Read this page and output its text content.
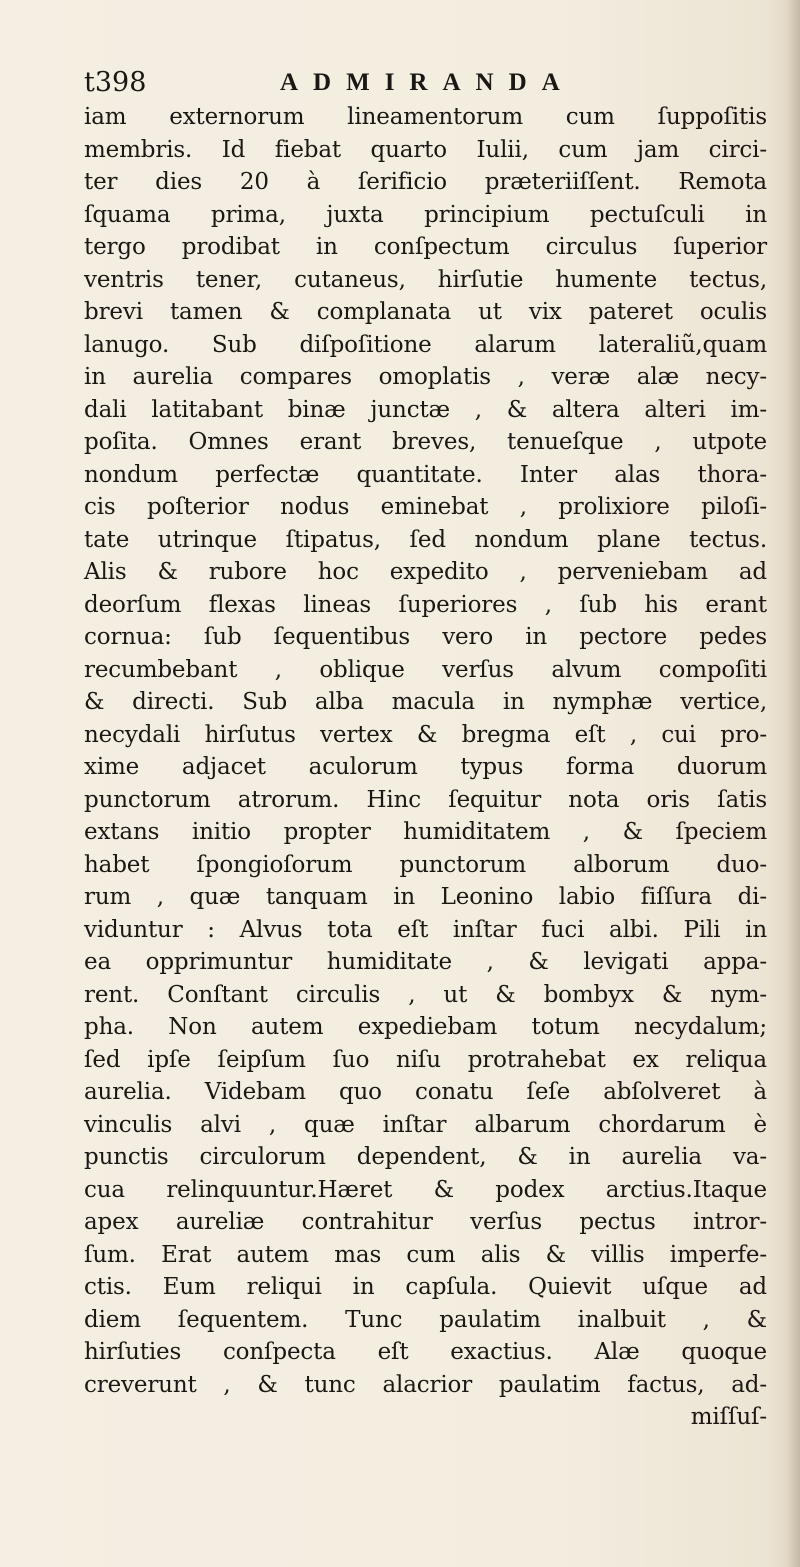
t398	ADMIRANDA
iam externorum lineamentorum cum ſuppoſitis
membris. Id fiebat quarto Iulii, cum jam circi-
ter dies 20 à ſerificio præteriiſſent. Remota
ſquama prima, juxta principium pectuſculi in
tergo prodibat in conſpectum circulus ſuperior
ventris tener, cutaneus, hirſutie humente tectus,
brevi tamen & complanata ut vix pateret oculis
lanugo. Sub diſpoſitione alarum lateraliũ,quam
in aurelia compares omoplatis , veræ alæ necy-
dali latitabant binæ junctæ , & altera alteri im-
poſita. Omnes erant breves, tenueſque , utpote
nondum perfectæ quantitate. Inter alas thora-
cis poſterior nodus eminebat , prolixiore piloſi-
tate utrinque ſtipatus, ſed nondum plane tectus.
Alis & rubore hoc expedito , perveniebam ad
deorſum flexas lineas ſuperiores , ſub his erant
cornua: ſub ſequentibus vero in pectore pedes
recumbebant , oblique verſus alvum compoſiti
& directi. Sub alba macula in nymphæ vertice,
necydali hirſutus vertex & bregma eſt , cui pro-
xime adjacet aculorum typus forma duorum
punctorum atrorum. Hinc ſequitur nota oris ſatis
extans initio propter humiditatem , & ſpeciem
habet ſpongioſorum punctorum alborum duo-
rum , quæ tanquam in Leonino labio fiſſura di-
viduntur : Alvus tota eſt inſtar fuci albi. Pili in
ea opprimuntur humiditate , & levigati appa-
rent. Conſtant circulis , ut & bombyx & nym-
pha. Non autem expediebam totum necydalum;
ſed ipſe ſeipſum ſuo niſu protrahebat ex reliqua
aurelia. Videbam quo conatu ſeſe abſolveret à
vinculis alvi , quæ inſtar albarum chordarum è
punctis circulorum dependent, & in aurelia va-
cua relinquuntur.Hæret & podex arctius.Itaque
apex aureliæ contrahitur verſus pectus intror-
ſum. Erat autem mas cum alis & villis imperfe-
ctis. Eum reliqui in capſula. Quievit uſque ad
diem ſequentem. Tunc paulatim inalbuit , &
hirſuties conſpecta eſt exactius. Alæ quoque
creverunt , & tunc alacrior paulatim factus, ad-
miſſuſ-
